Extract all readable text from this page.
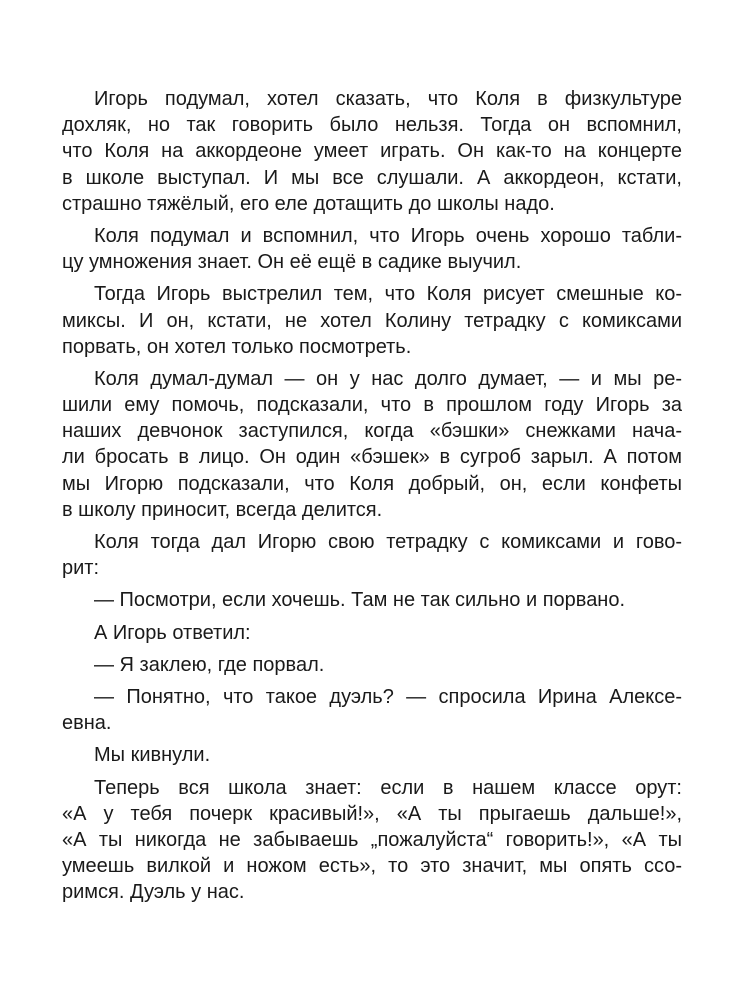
Игорь подумал, хотел сказать, что Коля в физкультуре
дохляк, но так говорить было нельзя. Тогда он вспомнил,
что Коля на аккордеоне умеет играть. Он как-то на концерте
в школе выступал. И мы все слушали. А аккордеон, кстати,
страшно тяжёлый, его еле дотащить до школы надо.
Коля подумал и вспомнил, что Игорь очень хорошо табли-
цу умножения знает. Он её ещё в садике выучил.
Тогда Игорь выстрелил тем, что Коля рисует смешные ко-
миксы. И он, кстати, не хотел Колину тетрадку с комиксами
порвать, он хотел только посмотреть.
Коля думал-думал — он у нас долго думает, — и мы ре-
шили ему помочь, подсказали, что в прошлом году Игорь за
наших девчонок заступился, когда «бэшки» снежками нача-
ли бросать в лицо. Он один «бэшек» в сугроб зарыл. А потом
мы Игорю подсказали, что Коля добрый, он, если конфеты
в школу приносит, всегда делится.
Коля тогда дал Игорю свою тетрадку с комиксами и гово-
рит:
— Посмотри, если хочешь. Там не так сильно и порвано.
А Игорь ответил:
— Я заклею, где порвал.
— Понятно, что такое дуэль? — спросила Ирина Алексе-
евна.
Мы кивнули.
Теперь вся школа знает: если в нашем классе орут:
«А у тебя почерк красивый!», «А ты прыгаешь дальше!»,
«А ты никогда не забываешь „пожалуйста“ говорить!», «А ты
умеешь вилкой и ножом есть», то это значит, мы опять ссо-
римся. Дуэль у нас.
